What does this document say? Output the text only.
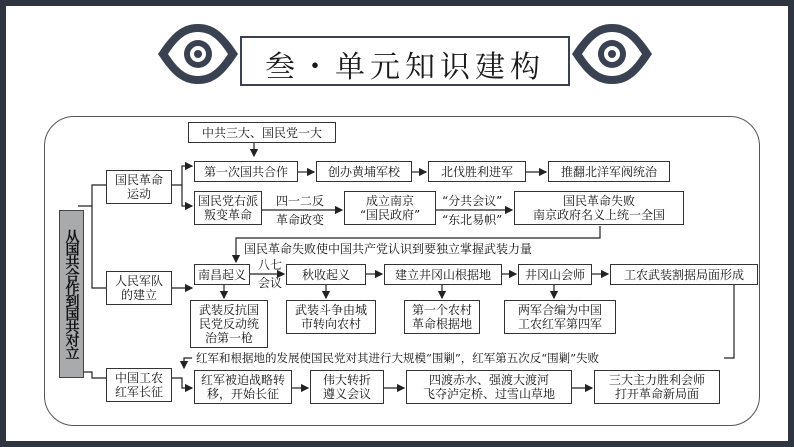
叁・单元知识建构
从国共合作到国共对立
国民革命
运动
人民军队
的建立
中国工农
红军长征
中共三大、国民党一大
第一次国共合作	创办黄埔军校	北伐胜利进军	推翻北洋军阀统治
国民党右派
叛变革命
四一二反
革命政变
成立南京
“国民政府”
“分共会议”
“东北易帜”
国民革命失败
南京政府名义上统一全国
国民革命失败使中国共产党认识到要独立掌握武装力量
南昌起义
八七
会议
秋收起义	建立井冈山根据地	井冈山会师	工农武装割据局面形成
武装反抗国
民党反动统
治第一枪
武装斗争由城
市转向农村
第一个农村
革命根据地
两军合编为中国
工农红军第四军
红军和根据地的发展使国民党对其进行大规模“围剿”，红军第五次反“围剿”失败
红军被迫战略转
移，开始长征
伟大转折
遵义会议
四渡赤水、强渡大渡河
飞夺泸定桥、过雪山草地
三大主力胜利会师
打开革命新局面
